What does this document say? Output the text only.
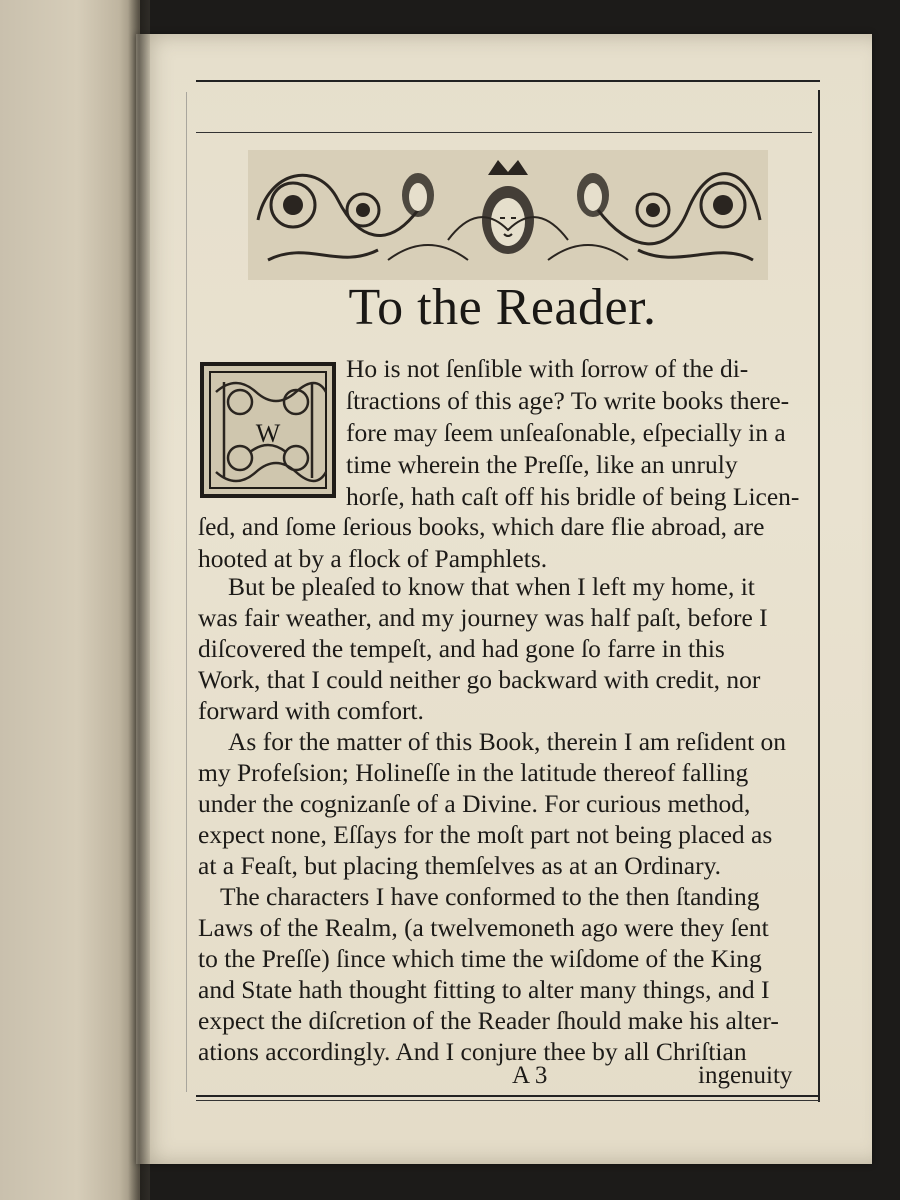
To the Reader.
W
Ho is not ſenſible with ſorrow of the di-
ſtractions of this age? To write books there-
fore may ſeem unſeaſonable, eſpecially in a
time wherein the Preſſe, like an unruly
horſe, hath caſt off his bridle of being Licen-
ſed, and ſome ſerious books, which dare flie abroad, are
hooted at by a flock of Pamphlets.
But be pleaſed to know that when I left my home, it
was fair weather, and my journey was half paſt, before I
diſcovered the tempeſt, and had gone ſo farre in this
Work, that I could neither go backward with credit, nor
forward with comfort.
As for the matter of this Book, therein I am reſident on
my Profeſsion; Holineſſe in the latitude thereof falling
under the cognizanſe of a Divine. For curious method,
expect none, Eſſays for the moſt part not being placed as
at a Feaſt, but placing themſelves as at an Ordinary.
The characters I have conformed to the then ſtanding
Laws of the Realm, (a twelvemoneth ago were they ſent
to the Preſſe) ſince which time the wiſdome of the King
and State hath thought fitting to alter many things, and I
expect the diſcretion of the Reader ſhould make his alter-
ations accordingly. And I conjure thee by all Chriſtian
A 3	ingenuity
